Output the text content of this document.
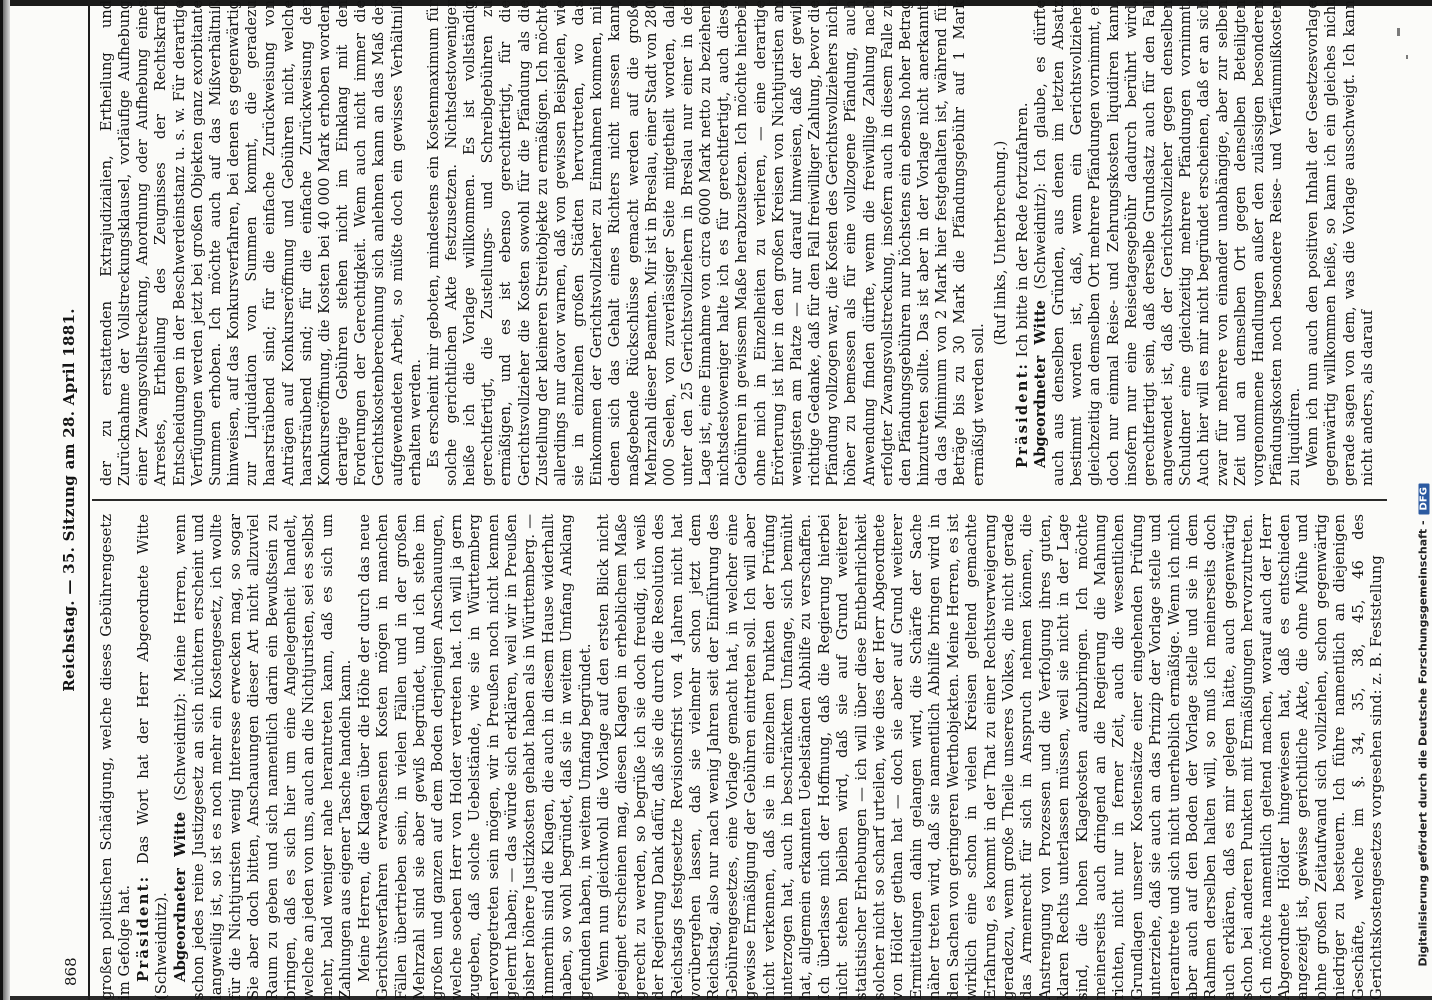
868
Reichstag. — 35. Sitzung am 28. April 1881.

großen politischen Schädigung, welche dieses Gebührengesetz im Gefolge hat. Präsident: Das Wort hat der Herr Abgeordnete Witte (Schweidnitz). Abgeordneter Witte (Schweidnitz): Meine Herren, wenn schon jedes reine Justizgesetz an sich nüchtern erscheint und langweilig ist, so ist es noch mehr ein Kostengesetz, ich wollte für die Nichtjuristen wenig Interesse erwecken mag, so sogar Sie aber doch bitten, Anschauungen dieser Art nicht allzuviel Raum zu geben und sich namentlich darin ein Bewußtsein zu bringen, daß es sich hier um eine Angelegenheit handelt, welche an jeden von uns, auch an die Nichtjuristen, sei es selbst mehr, bald weniger nahe herantreten kann, daß es sich um Zahlungen aus eigener Tasche handeln kann. Meine Herren, die Klagen über die Höhe der durch das neue Gerichtsverfahren erwachsenen Kosten mögen in manchen Fällen übertrieben sein, in vielen Fällen und in der großen Mehrzahl sind sie aber gewiß begründet, und ich stehe im großen und ganzen auf dem Boden derjenigen Anschauungen, welche soeben Herr von Holder vertreten hat. Ich will ja gern zugeben, daß solche Uebelstände, wie sie in Württemberg hervorgetreten sein mögen, wir in Preußen noch nicht kennen gelernt haben; — das würde sich erklären, weil wir in Preußen bisher höhere Justizkosten gehabt haben als in Württemberg. — Immerhin sind die Klagen, die auch in diesem Hause widerhallt haben, so wohl begründet, daß sie in weitem Umfang Anklang gefunden haben, in weitem Umfang begründet. Wenn nun gleichwohl die Vorlage auf den ersten Blick nicht geeignet erscheinen mag, diesen Klagen in erheblichem Maße gerecht zu werden, so begrüße ich sie doch freudig, ich weiß der Regierung Dank dafür, daß sie die durch die Resolution des Reichstags festgesetzte Revisionsfrist von 4 Jahren nicht hat vorübergehen lassen, daß sie vielmehr schon jetzt dem Reichstag, also nur nach wenig Jahren seit der Einführung des Gebührengesetzes, eine Vorlage gemacht hat, in welcher eine gewisse Ermäßigung der Gebühren eintreten soll. Ich will aber nicht verkennen, daß sie in einzelnen Punkten der Prüfung unterzogen hat, auch in beschränktem Umfange, sich bemüht hat, allgemein erkannten Uebelständen Abhilfe zu verschaffen. Ich überlasse mich der Hoffnung, daß die Regierung hierbei nicht stehen bleiben wird, daß sie auf Grund weiterer statistischer Erhebungen — ich will über diese Entbehrlichkeit solcher nicht so scharf urteilen, wie dies der Herr Abgeordnete von Hölder gethan hat — doch sie aber auf Grund weiterer Ermittelungen dahin gelangen wird, die Schärfe der Sache näher treten wird, daß sie namentlich Abhilfe bringen wird in den Sachen von geringeren Werthobjekten. Meine Herren, es ist wirklich eine schon in vielen Kreisen geltend gemachte Erfahrung, es kommt in der That zu einer Rechtsverweigerung geradezu, wenn große Theile unseres Volkes, die nicht gerade das Armenrecht für sich in Anspruch nehmen können, die Anstrengung von Prozessen und die Verfolgung ihres guten, klaren Rechts unterlassen müssen, weil sie nicht in der Lage sind, die hohen Klagekosten aufzubringen. Ich möchte meinerseits auch dringend an die Regierung die Mahnung richten, nicht nur in ferner Zeit, auch die wesentlichen Grundlagen unserer Kostensätze einer eingehenden Prüfung unterziehe, daß sie auch an das Prinzip der Vorlage stelle und herantrete und sich nicht unerheblich ermäßige. Wenn ich mich aber auch auf den Boden der Vorlage stelle und sie in dem Rahmen derselben halten will, so muß ich meinerseits doch auch erklären, daß es mir gelegen hätte, auch gegenwärtig schon bei anderen Punkten mit Ermäßigungen hervorzutreten. Ich möchte namentlich geltend machen, worauf auch der Herr Abgeordnete Hölder hingewiesen hat, daß es entschieden angezeigt ist, gewisse gerichtliche Akte, die ohne Mühe und ohne großen Zeitaufwand sich vollziehen, schon gegenwärtig niedriger zu besteuern. Ich führe namentlich an diejenigen Geschäfte, welche im §. 34, 35, 38, 45, 46 des Gerichtskostengesetzes vorgesehen sind: z. B. Feststellung

der zu erstattenden Extrajudizialien, Ertheilung und Zurücknahme der Vollstreckungsklausel, vorläufige Aufhebung einer Zwangsvollstreckung, Anordnung oder Aufhebung eines Arrestes, Ertheilung des Zeugnisses der Rechtskraft, Entscheidungen in der Beschwerdeinstanz u. s. w. Für derartige Verfügungen werden jetzt bei großen Objekten ganz exorbitante Summen erhoben. Ich möchte auch auf das Mißverhältniß hinweisen, auf das Konkursverfahren, bei denen es gegenwärtig zur Liquidation von Summen kommt, die geradezu haarsträubend sind; für die einfache Zurückweisung von Anträgen auf Konkurseröffnung und Gebühren nicht, welche haarsträubend sind; für die einfache Zurückweisung der Konkurseröffnung, die Kosten bei 40 000 Mark erhoben worden, derartige Gebühren stehen nicht im Einklang mit den Forderungen der Gerechtigkeit. Wenn auch nicht immer die Gerichtskostenberechnung sich anlehnen kann an das Maß der aufgewendeten Arbeit, so müßte doch ein gewisses Verhältniß erhalten werden. Es erscheint mir geboten, mindestens ein Kostenmaximum für solche gerichtlichen Akte festzusetzen. Nichtsdestoweniger heiße ich die Vorlage willkommen. Es ist vollständig gerechtfertigt, die Zustellungs- und Schreibgebühren zu ermäßigen, und es ist ebenso gerechtfertigt, für die Gerichtsvollzieher die Kosten sowohl für die Pfändung als die Zustellung der kleineren Streitobjekte zu ermäßigen. Ich möchte allerdings nur davor warnen, daß von gewissen Beispielen, wie sie in einzelnen großen Städten hervortreten, wo das Einkommen der Gerichtsvollzieher zu Einnahmen kommen, mit denen sich das Gehalt eines Richters nicht messen kann, maßgebende Rückschlüsse gemacht werden auf die große Mehrzahl dieser Beamten. Mir ist in Breslau, einer Stadt von 280 000 Seelen, von zuverlässiger Seite mitgetheilt worden, daß unter den 25 Gerichtsvollziehern in Breslau nur einer in der Lage ist, eine Einnahme von circa 6000 Mark netto zu beziehen; nichtsdestoweniger halte ich es für gerechtfertigt, auch diese Gebühren in gewissem Maße herabzusetzen. Ich möchte hierbei, ohne mich in Einzelheiten zu verlieren, — eine derartige Erörterung ist hier in den großen Kreisen von Nichtjuristen am wenigsten am Platze — nur darauf hinweisen, daß der gewiß richtige Gedanke, daß für den Fall freiwilliger Zahlung, bevor die Pfändung vollzogen war, die Kosten des Gerichtsvollziehers nicht höher zu bemessen als für eine vollzogene Pfändung, auch Anwendung finden dürfte, wenn die freiwillige Zahlung nach erfolgter Zwangsvollstreckung, insofern auch in diesem Falle zu den Pfändungsgebühren nur höchstens ein ebenso hoher Betrag hinzutreten sollte. Das ist aber in der Vorlage nicht anerkannt, da das Minimum von 2 Mark hier festgehalten ist, während für Beträge bis zu 30 Mark die Pfändungsgebühr auf 1 Mark ermäßigt werden soll.

(Ruf links, Unterbrechung.)

Präsident: Ich bitte in der Rede fortzufahren.

Abgeordneter Witte (Schweidnitz): Ich glaube, es dürfte auch aus denselben Gründen, aus denen im letzten Absatz bestimmt worden ist, daß, wenn ein Gerichtsvollzieher gleichzeitig an demselben Ort mehrere Pfändungen vornimmt, er doch nur einmal Reise- und Zehrungskosten liquidiren kann, insofern nur eine Reisetagesgebühr dadurch berührt wird, gerechtfertigt sein, daß derselbe Grundsatz auch für den Fall angewendet ist, daß der Gerichtsvollzieher gegen denselben Schuldner eine gleichzeitig mehrere Pfändungen vornimmt. Auch hier will es mir nicht begründet erscheinen, daß er an sich zwar für mehrere von einander unabhängige, aber zur selben Zeit und an demselben Ort gegen denselben Beteiligten vorgenommene Handlungen außer den zulässigen besonderen Pfändungskosten noch besondere Reise- und Verfäumnißkosten zu liquidiren. Wenn ich nun auch den positiven Inhalt der Gesetzesvorlage gegenwärtig willkommen heiße, so kann ich ein gleiches nicht gerade sagen von dem, was die Vorlage ausschweigt. Ich kann nicht anders, als darauf

Digitalisierung gefördert durch die Deutsche Forschungsgemeinschaft -DFG
